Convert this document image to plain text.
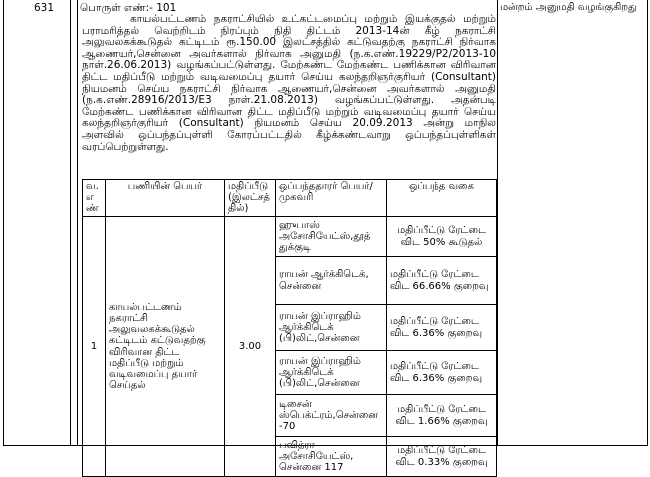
631	மன்றம் அனுமதி வழங்குகிறது
பொருள் எண்:- 101

காயல்பட்டணம் நகராட்சியில் உட்கட்டமைப்பு மற்றும் இயக்குதல் மற்றும் பராமரித்தல் வெற்றிடம் நிரப்பும் நிதி திட்டம் 2013-14ன் கீழ் நகராட்சி அலுவலகக்கூடுதல் கட்டிடம் ரூ.150.00 இலட்சத்தில் கட்டுவதற்கு நகராட்சி நிர்வாக ஆணையர்,சென்னை அவர்களால் நிர்வாக அனுமதி (ந.க.எண்.19229/P2/2013-10 நாள்.26.06.2013) வழங்கப்பட்டுள்ளது. மேற்கண்ட மேற்கண்ட பணிக்கான விரிவான திட்ட மதிப்பீடு மற்றும் வடிவமைப்பு தயார் செய்ய கலந்தறிஞர்குரியர் (Consultant) நியமனம் செய்ய நகராட்சி நிர்வாக ஆணையர்,சென்னை அவர்களால் அனுமதி (ந.க.எண்.28916/2013/E3 நாள்.21.08.2013) வழங்கப்பட்டுள்ளது. அதன்படி மேற்கண்ட பணிக்கான விரிவான திட்ட மதிப்பீடு மற்றும் வடிவமைப்பு தயார் செய்ய கலந்தறிஞர்குரியர் (Consultant) நியமனம் செய்ய 20.09.2013 அன்று மாநில அளவில் ஒப்பந்தப்புள்ளி கோரப்பட்டதில் கீழ்க்கண்டவாறு ஒப்பந்தப்புள்ளிகள் வரப்பெற்றுள்ளது.

வ. எ ண்	பணியின் பெயர்	மதிப்பீடு (இலட்சத் தில்)	ஒப்பந்ததாரர் பெயர்/ முகவரி	ஒப்பந்த வகை
1	காயல்பட்டணம் நகராட்சி அலுவலகக்கூடுதல் கட்டிடம் கட்டுவதற்கு விரிவான திட்ட மதிப்பீடு மற்றும் வடிவமைப்பு தயார் செய்தல்	3.00	ஹுபாஸ் அசோசியேட்ஸ்,தூத் துக்குடி	மதிப்பீட்டு ரேட்டை விட 50% கூடுதல்
			ராயன் ஆர்க்கிடெக், சென்னை	மதிப்பீட்டு ரேட்டை விட 66.66% குறைவு
			ராயன் இப்ராஹிம் ஆர்க்கிடெக் (பி)லிட்,சென்னை	மதிப்பீட்டு ரேட்டை விட 6.36% குறைவு
			ராயன் இப்ராஹிம் ஆர்க்கிடெக் (பி)லிட்,சென்னை	மதிப்பீட்டு ரேட்டை விட 6.36% குறைவு
			டிசைன் ஸ்பெக்ட்ரம்,சென்னை -70	மதிப்பீட்டு ரேட்டை விட 1.66% குறைவு
			பவித்ரா அசோசியேட்ஸ், சென்னை 117	மதிப்பீட்டு ரேட்டை விட 0.33% குறைவு
